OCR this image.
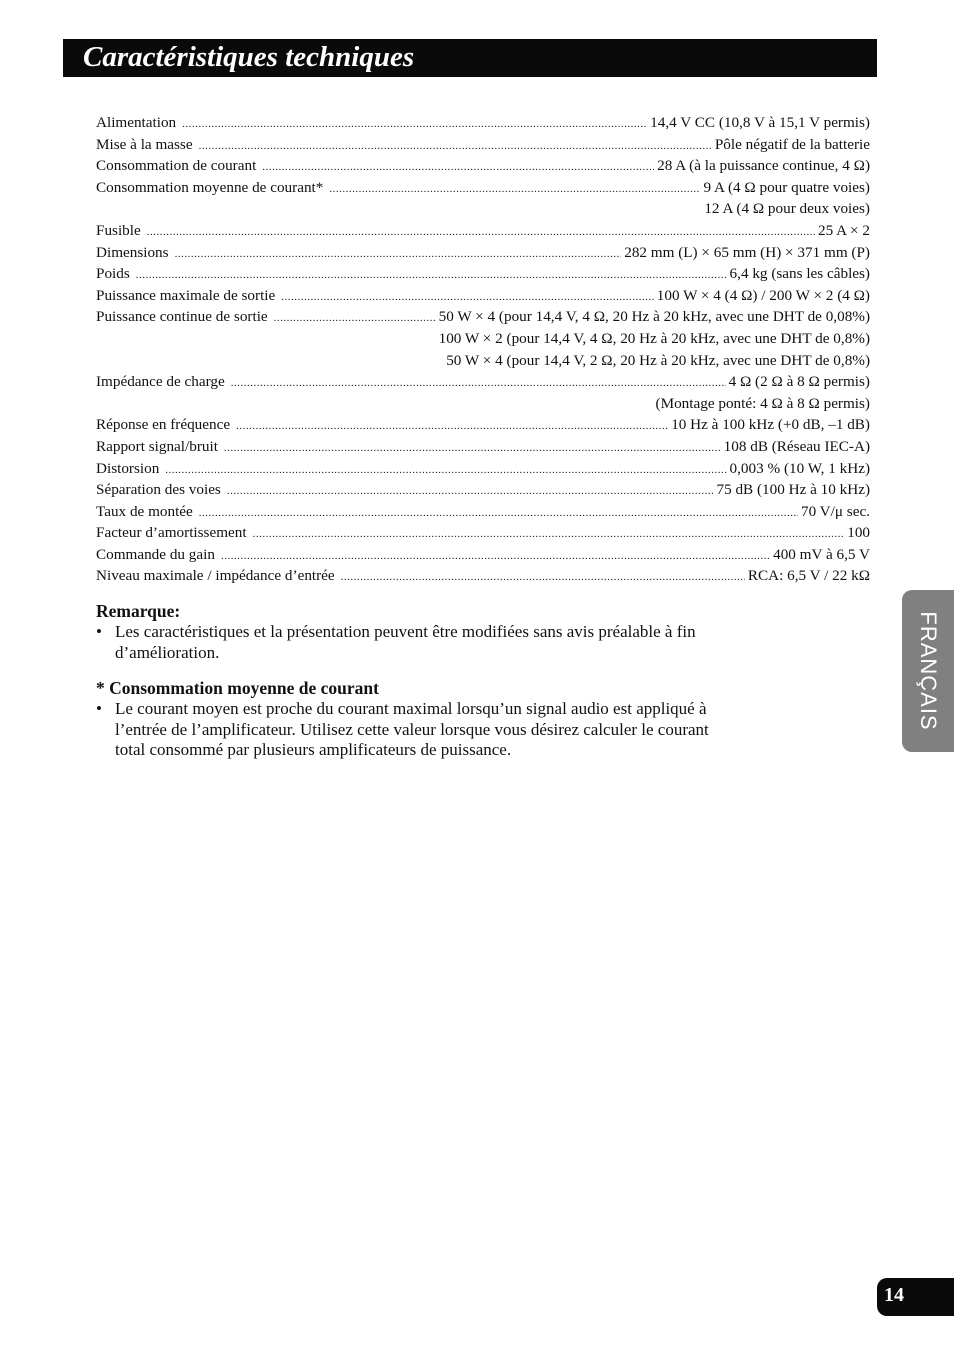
Caractéristiques techniques
Alimentation .....	14,4 V CC (10,8 V à 15,1 V permis)
Mise à la masse .....	Pôle négatif de la batterie
Consommation de courant .....	28 A (à la puissance continue, 4 Ω)
Consommation moyenne de courant* .....	9 A (4 Ω pour quatre voies)
12 A (4 Ω pour deux voies)
Fusible .....	25 A × 2
Dimensions .....	282 mm (L) × 65 mm (H) × 371 mm (P)
Poids .....	6,4 kg (sans les câbles)
Puissance maximale de sortie .....	100 W × 4 (4 Ω) / 200 W × 2 (4 Ω)
Puissance continue de sortie .....	50 W × 4 (pour 14,4 V, 4 Ω, 20 Hz à 20 kHz, avec une DHT de 0,08%)
100 W × 2 (pour 14,4 V, 4 Ω, 20 Hz à 20 kHz, avec une DHT de 0,8%)
50 W × 4 (pour 14,4 V, 2 Ω, 20 Hz à 20 kHz, avec une DHT de 0,8%)
Impédance de charge .....	4 Ω (2 Ω à 8 Ω permis)
(Montage ponté: 4 Ω à 8 Ω permis)
Réponse en fréquence .....	10 Hz à 100 kHz (+0 dB, –1 dB)
Rapport signal/bruit .....	108 dB (Réseau IEC-A)
Distorsion .....	0,003 % (10 W, 1 kHz)
Séparation des voies .....	75 dB (100 Hz à 10 kHz)
Taux de montée .....	70 V/μ sec.
Facteur d’amortissement .....	100
Commande du gain .....	400 mV à 6,5 V
Niveau maximale / impédance d’entrée .....	RCA: 6,5 V / 22 kΩ
Remarque:
• Les caractéristiques et la présentation peuvent être modifiées sans avis préalable à fin d’amélioration.
* Consommation moyenne de courant
• Le courant moyen est proche du courant maximal lorsqu’un signal audio est appliqué à l’entrée de l’amplificateur. Utilisez cette valeur lorsque vous désirez calculer le courant total consommé par plusieurs amplificateurs de puissance.
FRANÇAIS
14
